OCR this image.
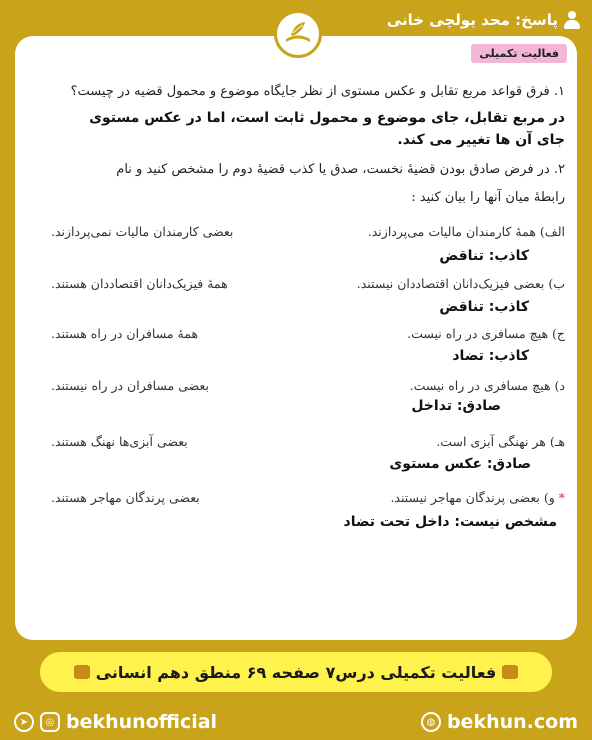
پاسخ: محد یولچی خانی
فعالیت تکمیلی
۱. فرق قواعد مربع تقابل و عکس مستوی از نظر جایگاه موضوع و محمول قضیه در چیست؟
در مربع تقابل، جای موضوع و محمول ثابت است، اما در عکس مستوی
جای آن ها تغییر می کند.
۲. در فرض صادق بودن قضیهٔ نخست، صدق یا کذب قضیهٔ دوم را مشخص کنید و نام
رابطهٔ میان آنها را بیان کنید :
الف) همهٔ کارمندان مالیات می‌پردازند.
بعضی کارمندان مالیات نمی‌پردازند.
کاذب: تناقض
ب) بعضی فیزیک‌دانان اقتصاددان نیستند.
همهٔ فیزیک‌دانان اقتصاددان هستند.
کاذب: تناقض
ج) هیچ مسافری در راه نیست.
همهٔ مسافران در راه هستند.
کاذب: تضاد
د) هیچ مسافری در راه نیست.
بعضی مسافران در راه نیستند.
صادق: تداخل
هـ) هر نهنگی آبزی است.
بعضی آبزی‌ها نهنگ هستند.
صادق: عکس مستوی
* و) بعضی پرندگان مهاجر نیستند.
بعضی پرندگان مهاجر هستند.
مشخص نیست: داخل تحت تضاد
فعالیت تکمیلی درس۷ صفحه ۶۹ منطق دهم انسانی
➤	◎ bekhunofficial	◍ bekhun.com
